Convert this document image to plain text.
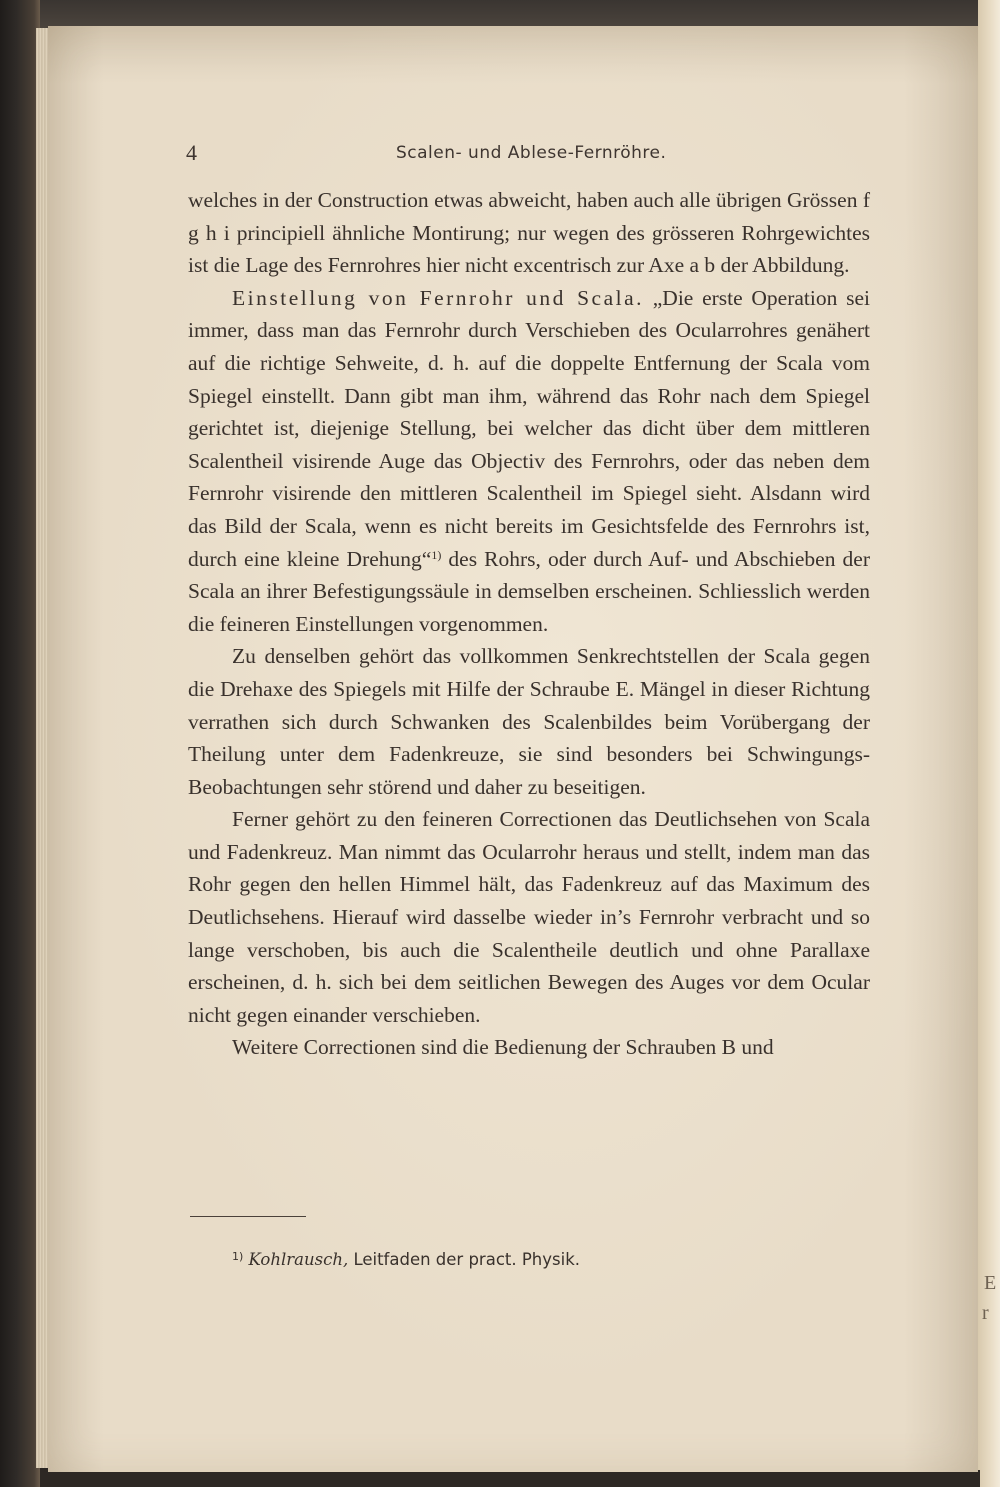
E
r
4	Scalen- und Ablese-Fernröhre.

welches in der Construction etwas abweicht, haben auch alle übrigen Grössen f g h i principiell ähnliche Montirung; nur wegen des grösseren Rohrgewichtes ist die Lage des Fernrohres hier nicht excentrisch zur Axe a b der Abbildung.

Einstellung von Fernrohr und Scala. „Die erste Operation sei immer, dass man das Fernrohr durch Verschieben des Ocularrohres genähert auf die richtige Sehweite, d. h. auf die doppelte Entfernung der Scala vom Spiegel einstellt. Dann gibt man ihm, während das Rohr nach dem Spiegel gerichtet ist, diejenige Stellung, bei welcher das dicht über dem mittleren Scalentheil visirende Auge das Objectiv des Fernrohrs, oder das neben dem Fernrohr visirende den mittleren Scalentheil im Spiegel sieht. Alsdann wird das Bild der Scala, wenn es nicht bereits im Gesichtsfelde des Fernrohrs ist, durch eine kleine Drehung“$^{1)}$ des Rohrs, oder durch Auf- und Abschieben der Scala an ihrer Befestigungssäule in demselben erscheinen. Schliesslich werden die feineren Einstellungen vorgenommen.

Zu denselben gehört das vollkommen Senkrechtstellen der Scala gegen die Drehaxe des Spiegels mit Hilfe der Schraube E. Mängel in dieser Richtung verrathen sich durch Schwanken des Scalenbildes beim Vorübergang der Theilung unter dem Fadenkreuze, sie sind besonders bei Schwingungs-Beobachtungen sehr störend und daher zu beseitigen.

Ferner gehört zu den feineren Correctionen das Deutlichsehen von Scala und Fadenkreuz. Man nimmt das Ocularrohr heraus und stellt, indem man das Rohr gegen den hellen Himmel hält, das Fadenkreuz auf das Maximum des Deutlichsehens. Hierauf wird dasselbe wieder in’s Fernrohr verbracht und so lange verschoben, bis auch die Scalentheile deutlich und ohne Parallaxe erscheinen, d. h. sich bei dem seitlichen Bewegen des Auges vor dem Ocular nicht gegen einander verschieben.

Weitere Correctionen sind die Bedienung der Schrauben B und

$^{1)}$ Kohlrausch, Leitfaden der pract. Physik.
